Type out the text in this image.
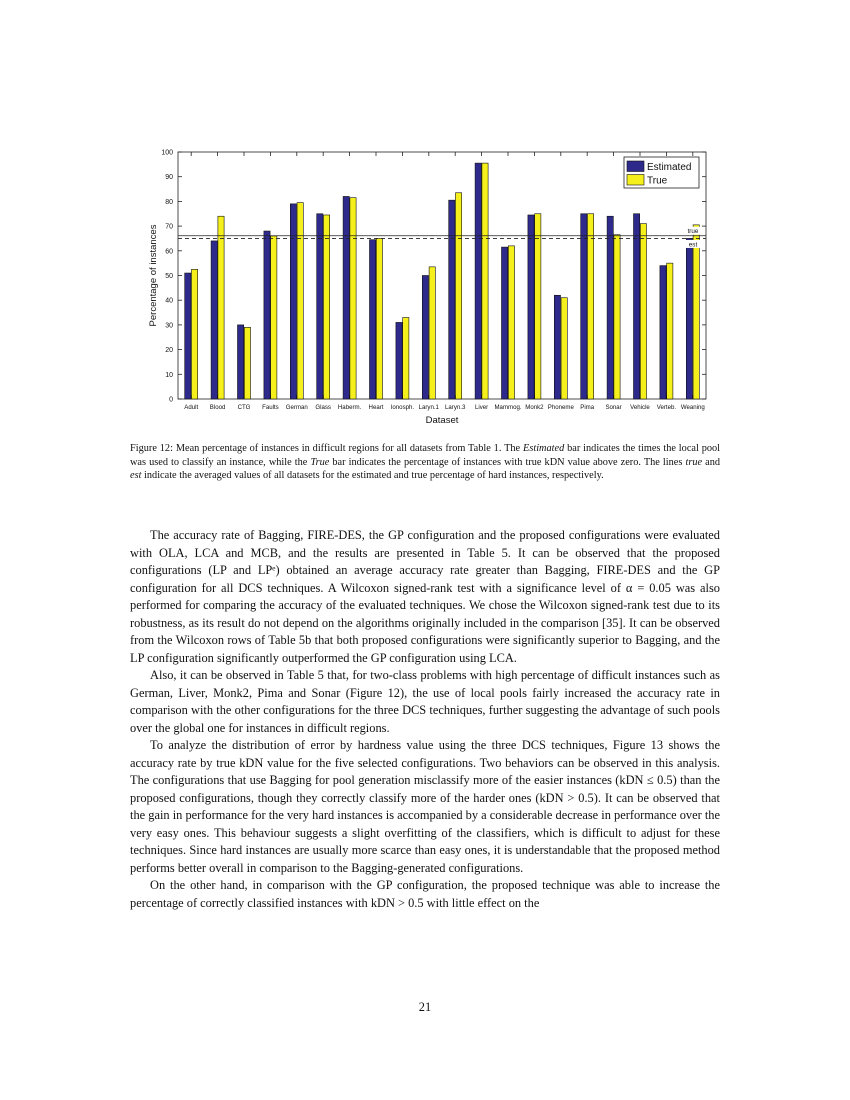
0
10
20
30
40
50
60
70
80
90
100
Adult Blood CTG Faults German Glass Haberm. Heart Ionosph. Laryn.1 Laryn.3 Liver Mammog. Monk2 Phoneme Pima Sonar Vehicle Verteb. Weaning
true
est
Estimated
True
Dataset
Percentage of instances
Figure 12: Mean percentage of instances in difficult regions for all datasets from Table 1. The Estimated bar indicates the times the local pool was used to classify an instance, while the True bar indicates the percentage of instances with true kDN value above zero. The lines true and est indicate the averaged values of all datasets for the estimated and true percentage of hard instances, respectively.

The accuracy rate of Bagging, FIRE-DES, the GP configuration and the proposed configurations were evaluated with OLA, LCA and MCB, and the results are presented in Table 5. It can be observed that the proposed configurations (LP and LPᵉ) obtained an average accuracy rate greater than Bagging, FIRE-DES and the GP configuration for all DCS techniques. A Wilcoxon signed-rank test with a significance level of α = 0.05 was also performed for comparing the accuracy of the evaluated techniques. We chose the Wilcoxon signed-rank test due to its robustness, as its result do not depend on the algorithms originally included in the comparison [35]. It can be observed from the Wilcoxon rows of Table 5b that both proposed configurations were significantly superior to Bagging, and the LP configuration significantly outperformed the GP configuration using LCA.

Also, it can be observed in Table 5 that, for two-class problems with high percentage of difficult instances such as German, Liver, Monk2, Pima and Sonar (Figure 12), the use of local pools fairly increased the accuracy rate in comparison with the other configurations for the three DCS techniques, further suggesting the advantage of such pools over the global one for instances in difficult regions.

To analyze the distribution of error by hardness value using the three DCS techniques, Figure 13 shows the accuracy rate by true kDN value for the five selected configurations. Two behaviors can be observed in this analysis. The configurations that use Bagging for pool generation misclassify more of the easier instances (kDN ≤ 0.5) than the proposed configurations, though they correctly classify more of the harder ones (kDN > 0.5). It can be observed that the gain in performance for the very hard instances is accompanied by a considerable decrease in performance over the very easy ones. This behaviour suggests a slight overfitting of the classifiers, which is difficult to adjust for these techniques. Since hard instances are usually more scarce than easy ones, it is understandable that the proposed method performs better overall in comparison to the Bagging-generated configurations.

On the other hand, in comparison with the GP configuration, the proposed technique was able to increase the percentage of correctly classified instances with kDN > 0.5 with little effect on the

21
